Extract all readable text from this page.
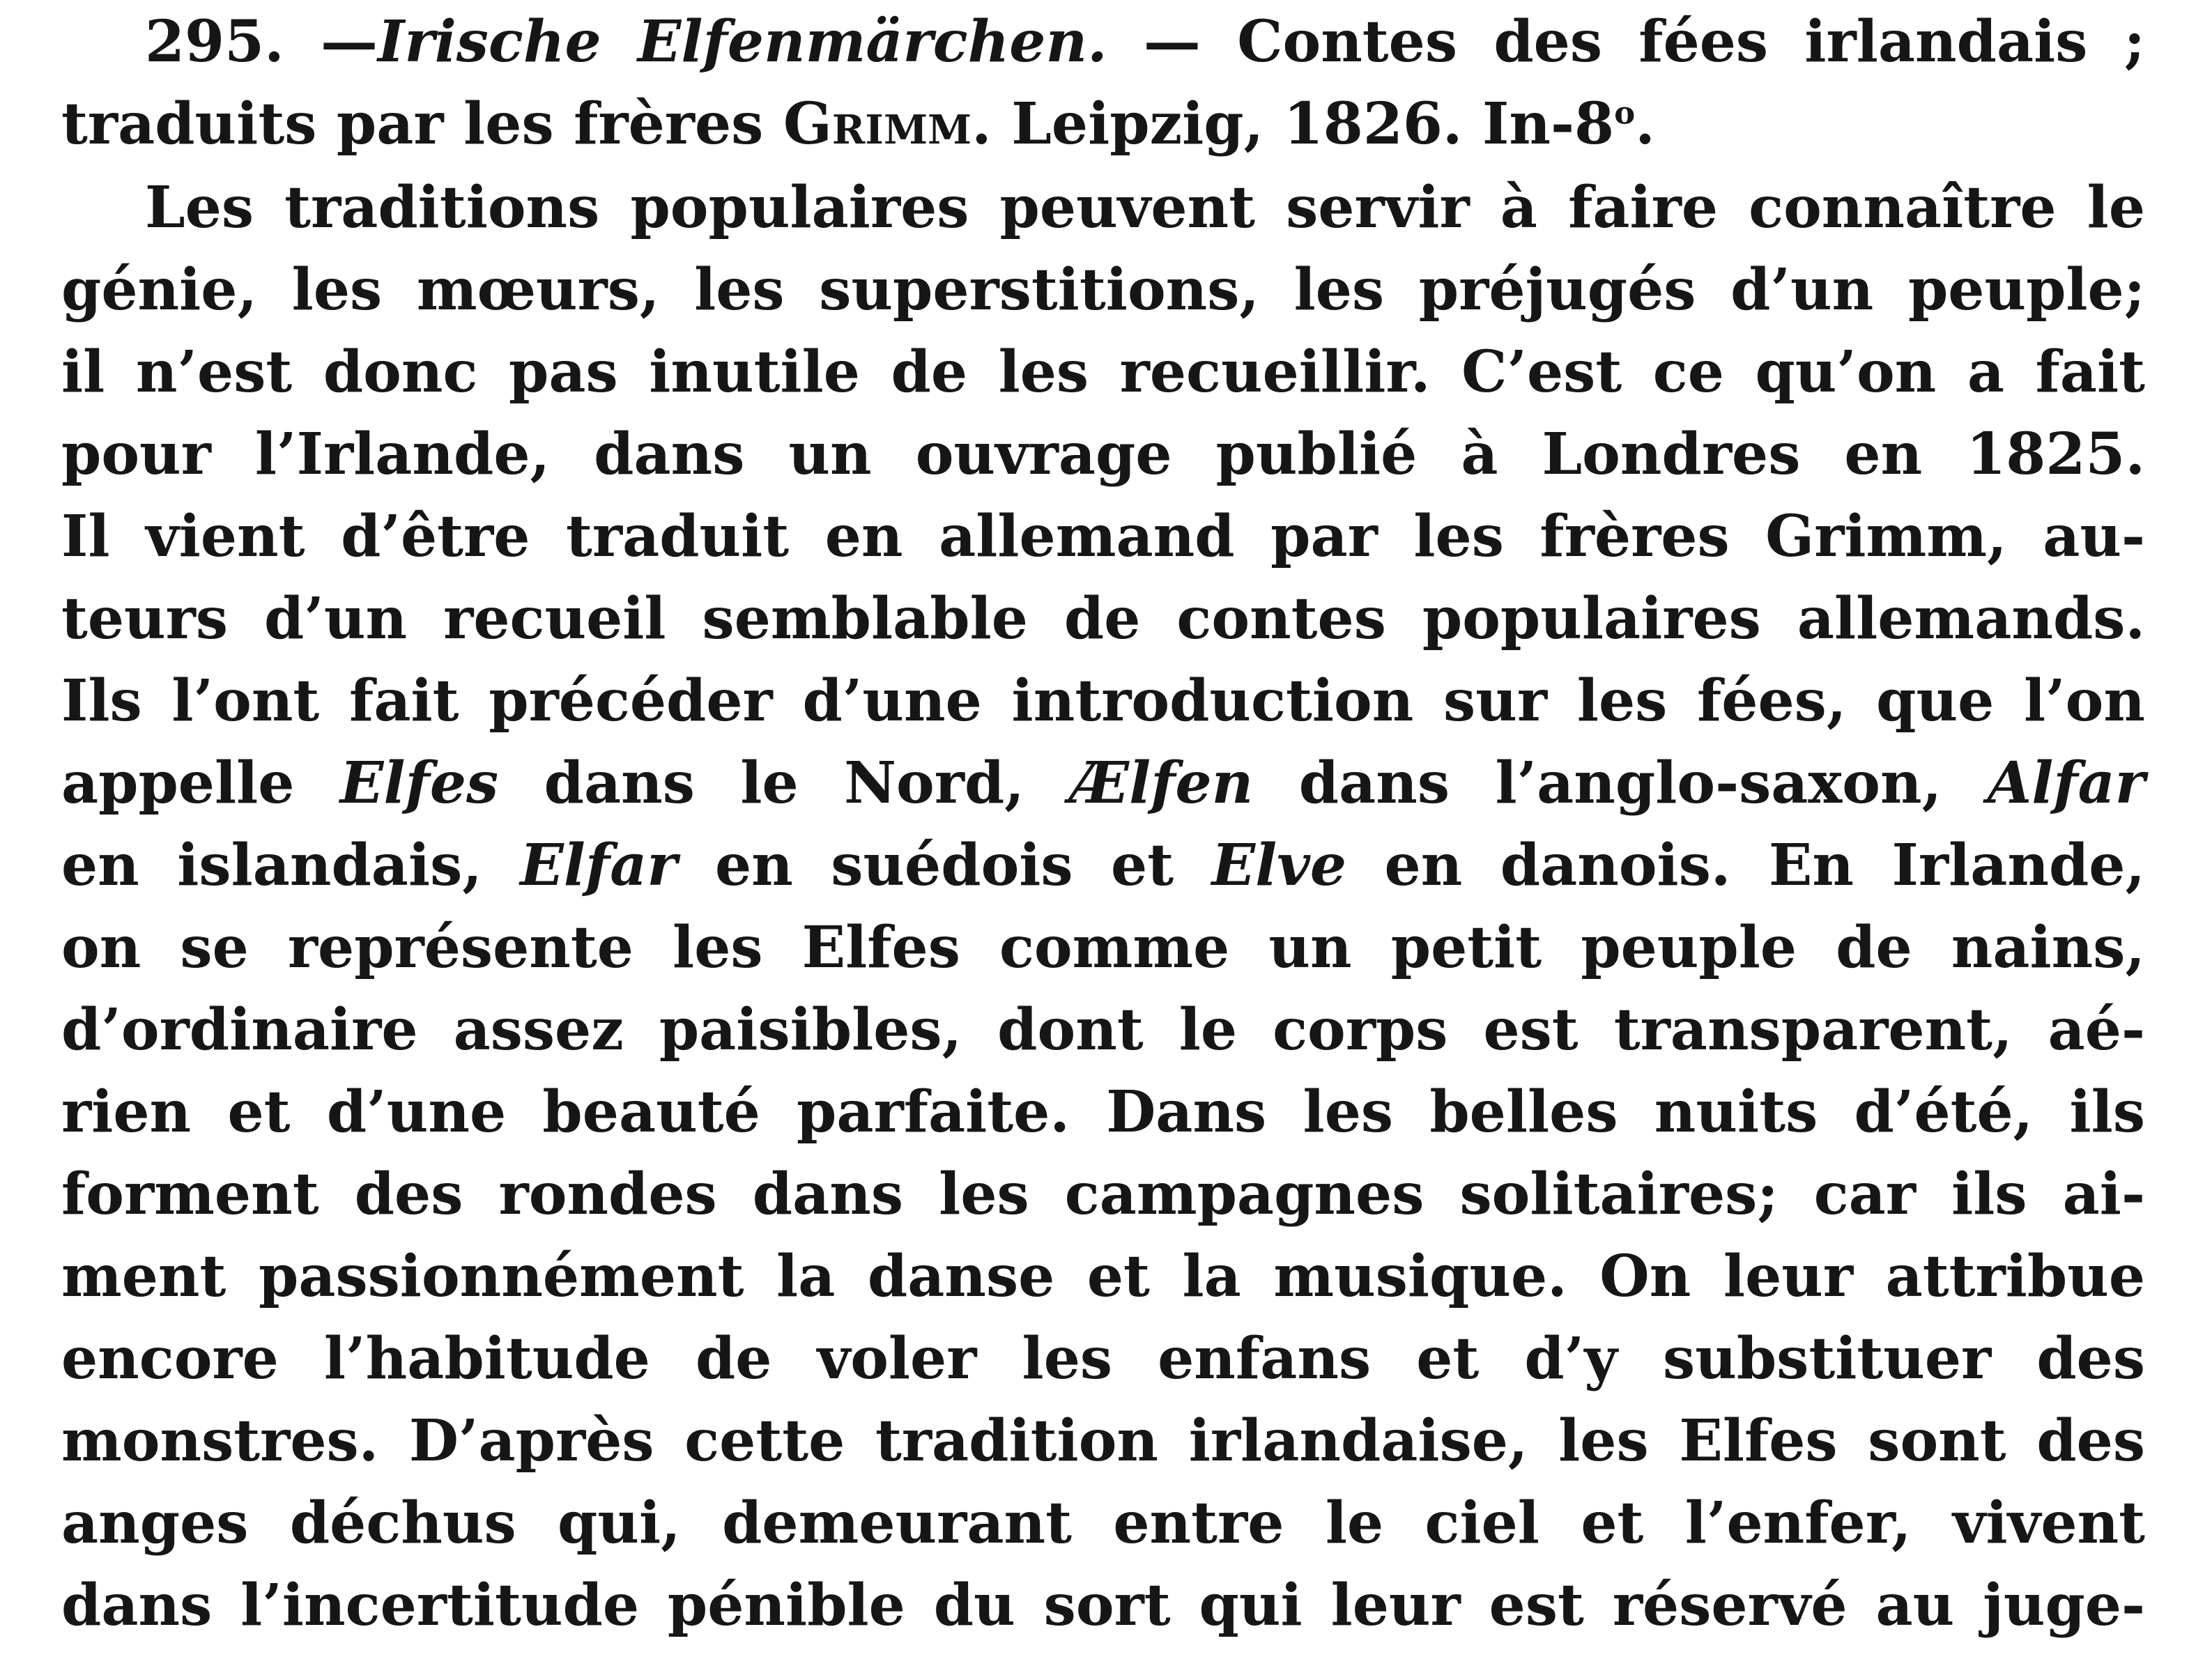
295. —Irische Elfenmärchen. — Contes des fées irlandais ;
traduits par les frères Grimm. Leipzig, 1826. In-8$^o$.
Les traditions populaires peuvent servir à faire connaître le
génie, les mœurs, les superstitions, les préjugés d’un peuple;
il n’est donc pas inutile de les recueillir. C’est ce qu’on a fait
pour l’Irlande, dans un ouvrage publié à Londres en 1825.
Il vient d’être traduit en allemand par les frères Grimm, au-
teurs d’un recueil semblable de contes populaires allemands.
Ils l’ont fait précéder d’une introduction sur les fées, que l’on
appelle Elfes dans le Nord, Ælfen dans l’anglo-saxon, Alfar
en islandais, Elfar en suédois et Elve en danois. En Irlande,
on se représente les Elfes comme un petit peuple de nains,
d’ordinaire assez paisibles, dont le corps est transparent, aé-
rien et d’une beauté parfaite. Dans les belles nuits d’été, ils
forment des rondes dans les campagnes solitaires; car ils ai-
ment passionnément la danse et la musique. On leur attribue
encore l’habitude de voler les enfans et d’y substituer des
monstres. D’après cette tradition irlandaise, les Elfes sont des
anges déchus qui, demeurant entre le ciel et l’enfer, vivent
dans l’incertitude pénible du sort qui leur est réservé au juge-
